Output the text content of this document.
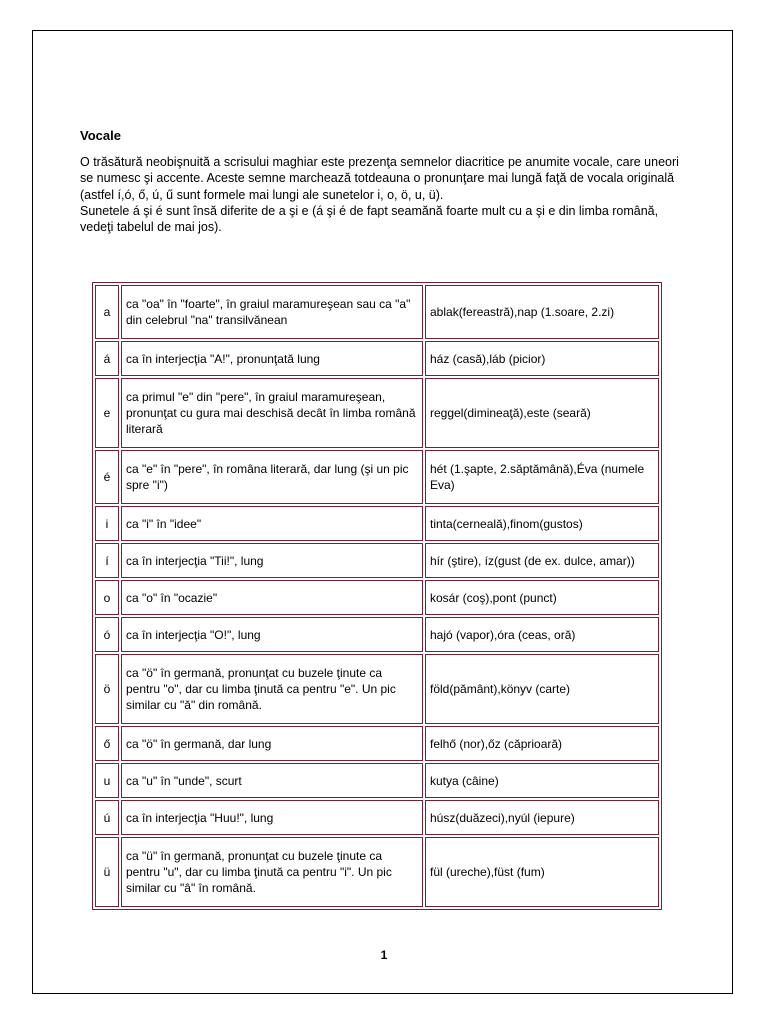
Vocale

O trăsătură neobişnuită a scrisului maghiar este prezenţa semnelor diacritice pe anumite vocale, care uneori se numesc şi accente. Aceste semne marchează totdeauna o pronunţare mai lungă faţă de vocala originală (astfel í,ó, ő, ú, ű sunt formele mai lungi ale sunetelor i, o, ö, u, ü).

Sunetele á şi é sunt însă diferite de a şi e (á şi é de fapt seamănă foarte mult cu a şi e din limba română, vedeţi tabelul de mai jos).

a	ca "oa" în "foarte", în graiul maramureşean sau ca "a" din celebrul "na" transilvănean	ablak(fereastră),nap (1.soare, 2.zi)
á	ca în interjecţia "A!", pronunţată lung	ház (casă),láb (picior)
e	ca primul "e" din "pere", în graiul maramureşean, pronunţat cu gura mai deschisă decât în limba română literară	reggel(dimineaţă),este (seară)
é	ca "e" în "pere", în româna literară, dar lung (şi un pic spre "i")	hét (1.şapte, 2.săptămână),Éva (numele Eva)
i	ca "i" în "idee"	tinta(cerneală),finom(gustos)
í	ca în interjecţia "Tii!", lung	hír (ştire), íz(gust (de ex. dulce, amar))
o	ca "o" în "ocazie"	kosár (coş),pont (punct)
ó	ca în interjecţia "O!", lung	hajó (vapor),óra (ceas, oră)
ö	ca "ö" în germană, pronunţat cu buzele ţinute ca pentru "o", dar cu limba ţinută ca pentru "e". Un pic similar cu "ă" din română.	föld(pământ),könyv (carte)
ő	ca "ö" în germană, dar lung	felhő (nor),őz (căprioară)
u	ca "u" în "unde", scurt	kutya (câine)
ú	ca în interjecţia "Huu!", lung	húsz(duăzeci),nyúl (iepure)
ü	ca "ü" în germană, pronunţat cu buzele ţinute ca pentru "u", dar cu limba ţinută ca pentru "i". Un pic similar cu "â" în română.	fül (ureche),füst (fum)
1
